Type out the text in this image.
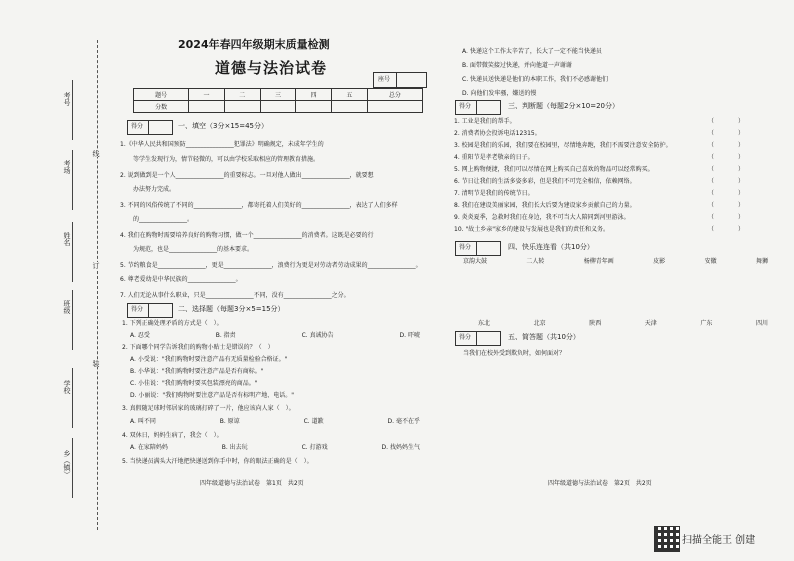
考号
考场
姓名
班级
学校
乡（镇）
线
订
装
2024年春四年级期末质量检测
道德与法治试卷
座号
题号	一	二	三	四	五	总分
分数						
得分	一、填空（3分×15=45分）
1.《中华人民共和国预防________________犯罪法》明确规定，未成年学生的
等学生发现行为，情节轻微的，可以由学校采取相应的管理教育措施。
2. 说到做到是一个人________________的重要标志。一旦对他人做出________________，就要想
办法努力完成。
3. 不同的风俗传统了不同的________________，都寄托着人们美好的________________，表达了人们多样
的________________。
4. 我们在购物时需要培养良好的购物习惯，做一个________________的消费者。这既是必要的行
为规范，也是________________的基本要求。
5. 节约粮食是________________，更是________________，浪费行为更是对劳动者劳动成果的________________。
6. 尊老爱幼是中华民族的________________。
7. 人们无论从事什么职业，只是________________不同，没有________________之分。
得分	二、选择题（每题3分×5=15分）
1. 下列正确处理矛盾的方式是（　）。
A. 忍受	B. 指责	C. 真诚协告	D. 吓唬
2. 下面哪个同学告诉我们的购物小贴士是错误的？（　）
A. 小受说："我们购物时要注意产品有无质量检验合格证。"
B. 小华说："我们购物时要注意产品是否有商标。"
C. 小佳说："我们购物时要买包装漂亮的商品。"
D. 小丽说："我们购物时要注意产品是否有标明产地、电话。"
3. 真假随足球时邻居家的玻璃打碎了一片，他应该向人家（　）。
A. 叫不同	B. 原谅	C. 道歉	D. 毫不在乎
4. 双休日，妈妈生病了，我会（　）。
A. 在家陪妈妈	B. 出去玩	C. 打游戏	D. 找妈妈生气
5. 当快递员满头大汗地把快递送到你手中时，你的眼法正确的是（　）。
四年级道德与法治试卷　第1页　共2页
A. 快递这个工作太辛苦了，长大了一定不能当快递员
B. 面带微笑接过快递，并向他道一声谢谢
C. 快递员送快递是他们的本职工作，我们不必感谢他们
D. 向他们发牢骚，嫌送的慢
得分	三、判断题（每题2分×10=20分）
1. 工业是我们的帮手。	（　　　　）
2. 消费者协会投诉电话12315。	（　　　　）
3. 校园是我们的乐园，我们要在校园里，尽情地奔跑，我们不需要注意安全防护。	（　　　　）
4. 重阳节是孝老敬亲的日子。	（　　　　）
5. 网上购物便捷，我们可以尽情在网上购买自己喜欢的物品可以经常购买。	（　　　　）
6. 节日让我们的生活多姿多彩，但是我们不可完全相信，依赖网络。	（　　　　）
7. 清明节是我们的传统节日。	（　　　　）
8. 我们在建设美丽家园，我们长大后要为建设家乡贡献自己的力量。	（　　　　）
9. 炎炎夏季，急救时我们在身边，我不可当大人陪同到河里游泳。	（　　　　）
10. "故土乡亲"家乡的建设与发展也是我们的责任和义务。	（　　　　）
得分	四、快乐连连看（共10分）
京韵大鼓	二人转	杨柳青年画	皮影	安徽	舞狮
东北	北京	陕西	天津	广东	四川
得分	五、简答题（共10分）
当我们在校外受到欺负时，如何面对？
四年级道德与法治试卷　第2页　共2页
扫描全能王 创建
